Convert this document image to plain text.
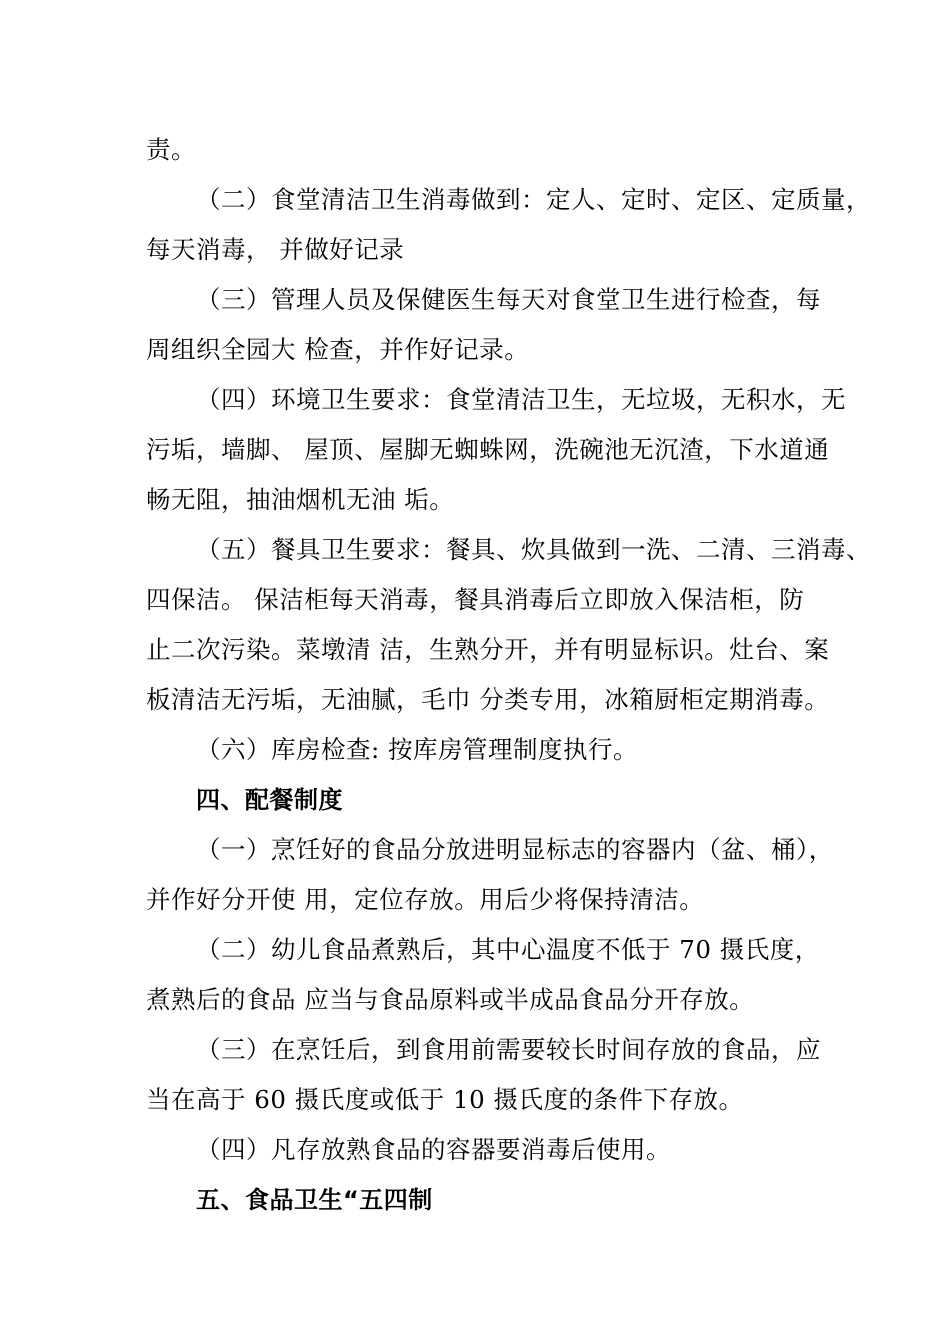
责。
（二）食堂清洁卫生消毒做到：定人、定时、定区、定质量，
每天消毒， 并做好记录
（三）管理人员及保健医生每天对食堂卫生进行检查，每
周组织全园大 检查，并作好记录。
（四）环境卫生要求：食堂清洁卫生，无垃圾，无积水，无
污垢，墙脚、 屋顶、屋脚无蜘蛛网，洗碗池无沉渣，下水道通
畅无阻，抽油烟机无油 垢。
（五）餐具卫生要求：餐具、炊具做到一洗、二清、三消毒、
四保洁。 保洁柜每天消毒，餐具消毒后立即放入保洁柜，防
止二次污染。菜墩清 洁，生熟分开，并有明显标识。灶台、案
板清洁无污垢，无油腻，毛巾 分类专用，冰箱厨柜定期消毒。
（六）库房检查: 按库房管理制度执行。
四、配餐制度
（一）烹饪好的食品分放进明显标志的容器内（盆、桶），
并作好分开使 用，定位存放。用后少将保持清洁。
（二）幼儿食品煮熟后，其中心温度不低于 70 摄氏度，
煮熟后的食品 应当与食品原料或半成品食品分开存放。
（三）在烹饪后，到食用前需要较长时间存放的食品，应
当在高于 60 摄氏度或低于 10 摄氏度的条件下存放。
（四）凡存放熟食品的容器要消毒后使用。
五、食品卫生“五四制
